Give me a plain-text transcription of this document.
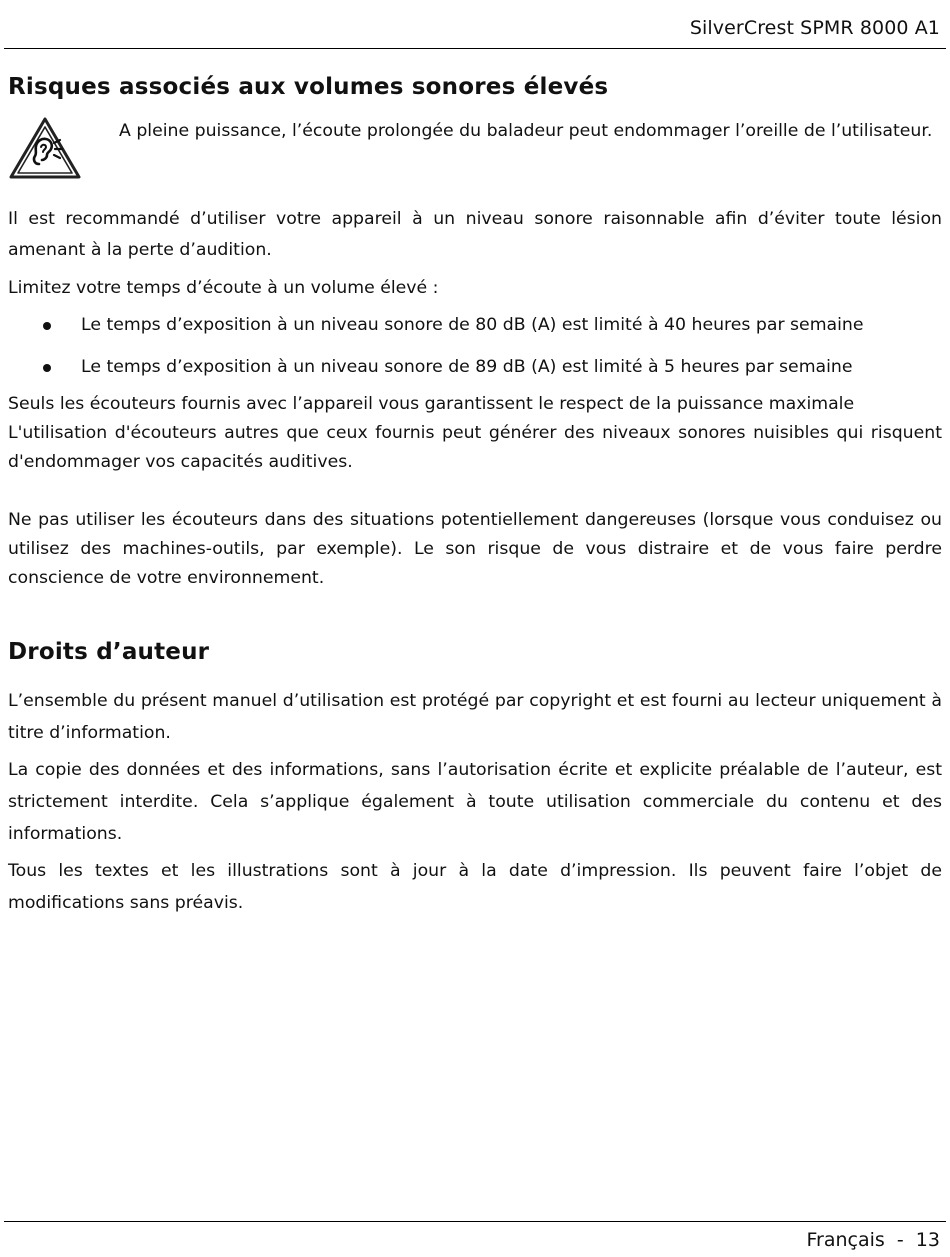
SilverCrest SPMR 8000 A1
Risques associés aux volumes sonores élevés
A pleine puissance, l’écoute prolongée du baladeur peut endommager l’oreille de l’utilisateur.

Il est recommandé d’utiliser votre appareil à un niveau sonore raisonnable afin d’éviter toute lésion amenant à la perte d’audition.

Limitez votre temps d’écoute à un volume élevé :

Le temps d’exposition à un niveau sonore de 80 dB (A) est limité à 40 heures par semaine
Le temps d’exposition à un niveau sonore de 89 dB (A) est limité à 5 heures par semaine

Seuls les écouteurs fournis avec l’appareil vous garantissent le respect de la puissance maximale
L'utilisation d'écouteurs autres que ceux fournis peut générer des niveaux sonores nuisibles qui risquent d'endommager vos capacités auditives.

Ne pas utiliser les écouteurs dans des situations potentiellement dangereuses (lorsque vous conduisez ou utilisez des machines-outils, par exemple). Le son risque de vous distraire et de vous faire perdre conscience de votre environnement.

Droits d’auteur

L’ensemble du présent manuel d’utilisation est protégé par copyright et est fourni au lecteur uniquement à titre d’information.

La copie des données et des informations, sans l’autorisation écrite et explicite préalable de l’auteur, est strictement interdite. Cela s’applique également à toute utilisation commerciale du contenu et des informations.

Tous les textes et les illustrations sont à jour à la date d’impression. Ils peuvent faire l’objet de modifications sans préavis.

Français  -  13
